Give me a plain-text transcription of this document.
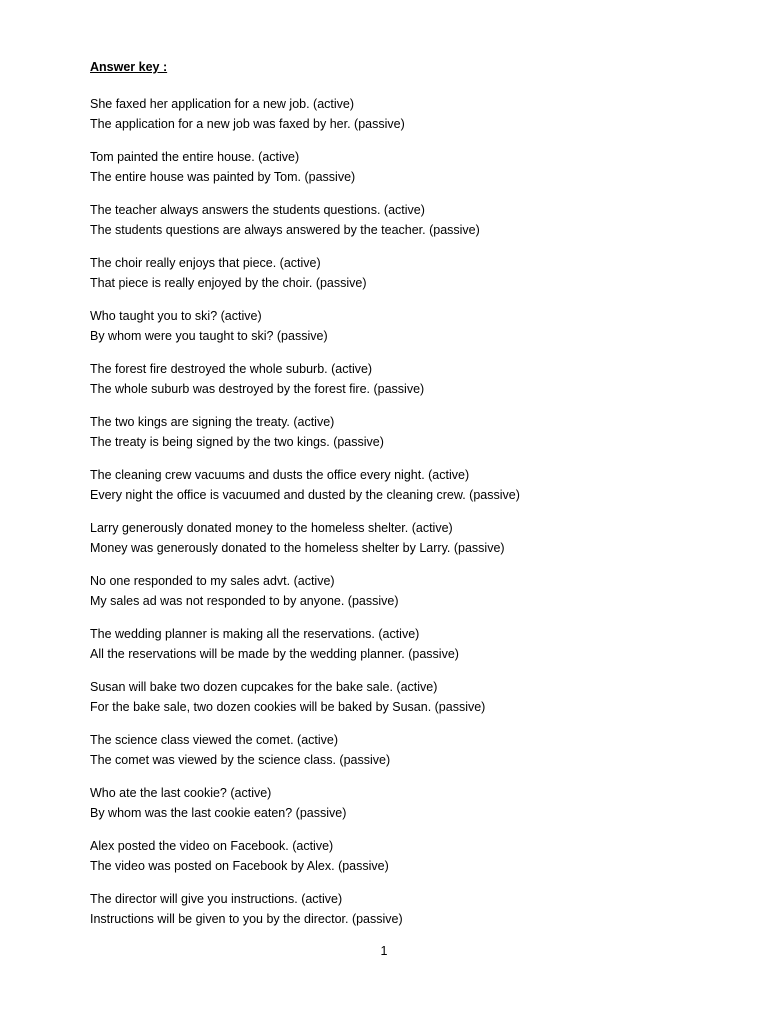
Answer key :
She faxed her application for a new job. (active)
The application for a new job was faxed by her. (passive)
Tom painted the entire house. (active)
The entire house was painted by Tom. (passive)
The teacher always answers the students questions. (active)
The students questions are always answered by the teacher. (passive)
The choir really enjoys that piece. (active)
That piece is really enjoyed by the choir. (passive)
Who taught you to ski? (active)
By whom were you taught to ski? (passive)
The forest fire destroyed the whole suburb. (active)
The whole suburb was destroyed by the forest fire. (passive)
The two kings are signing the treaty. (active)
The treaty is being signed by the two kings. (passive)
The cleaning crew vacuums and dusts the office every night. (active)
Every night the office is vacuumed and dusted by the cleaning crew. (passive)
Larry generously donated money to the homeless shelter. (active)
Money was generously donated to the homeless shelter by Larry. (passive)
No one responded to my sales advt. (active)
My sales ad was not responded to by anyone. (passive)
The wedding planner is making all the reservations. (active)
All the reservations will be made by the wedding planner. (passive)
Susan will bake two dozen cupcakes for the bake sale. (active)
For the bake sale, two dozen cookies will be baked by Susan. (passive)
The science class viewed the comet. (active)
The comet was viewed by the science class. (passive)
Who ate the last cookie? (active)
By whom was the last cookie eaten? (passive)
Alex posted the video on Facebook. (active)
The video was posted on Facebook by Alex. (passive)
The director will give you instructions. (active)
Instructions will be given to you by the director. (passive)
1
